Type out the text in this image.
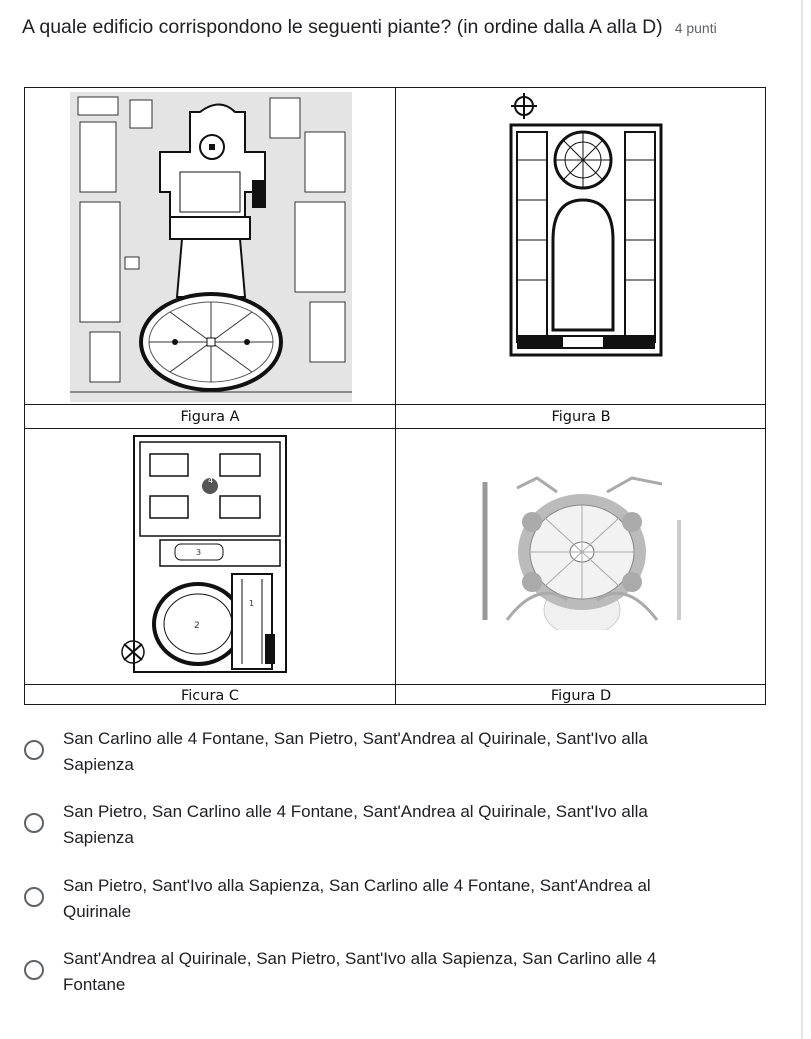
A quale edificio corrispondono le seguenti piante? (in ordine dalla A alla D) 4 punti
Figura A	Figura B
4
3
2
1
Ficura C	Figura D
San Carlino alle 4 Fontane, San Pietro, Sant'Andrea al Quirinale, Sant'Ivo alla Sapienza
San Pietro, San Carlino alle 4 Fontane, Sant'Andrea al Quirinale, Sant'Ivo alla Sapienza
San Pietro, Sant'Ivo alla Sapienza, San Carlino alle 4 Fontane, Sant'Andrea al Quirinale
Sant'Andrea al Quirinale, San Pietro, Sant'Ivo alla Sapienza, San Carlino alle 4 Fontane
